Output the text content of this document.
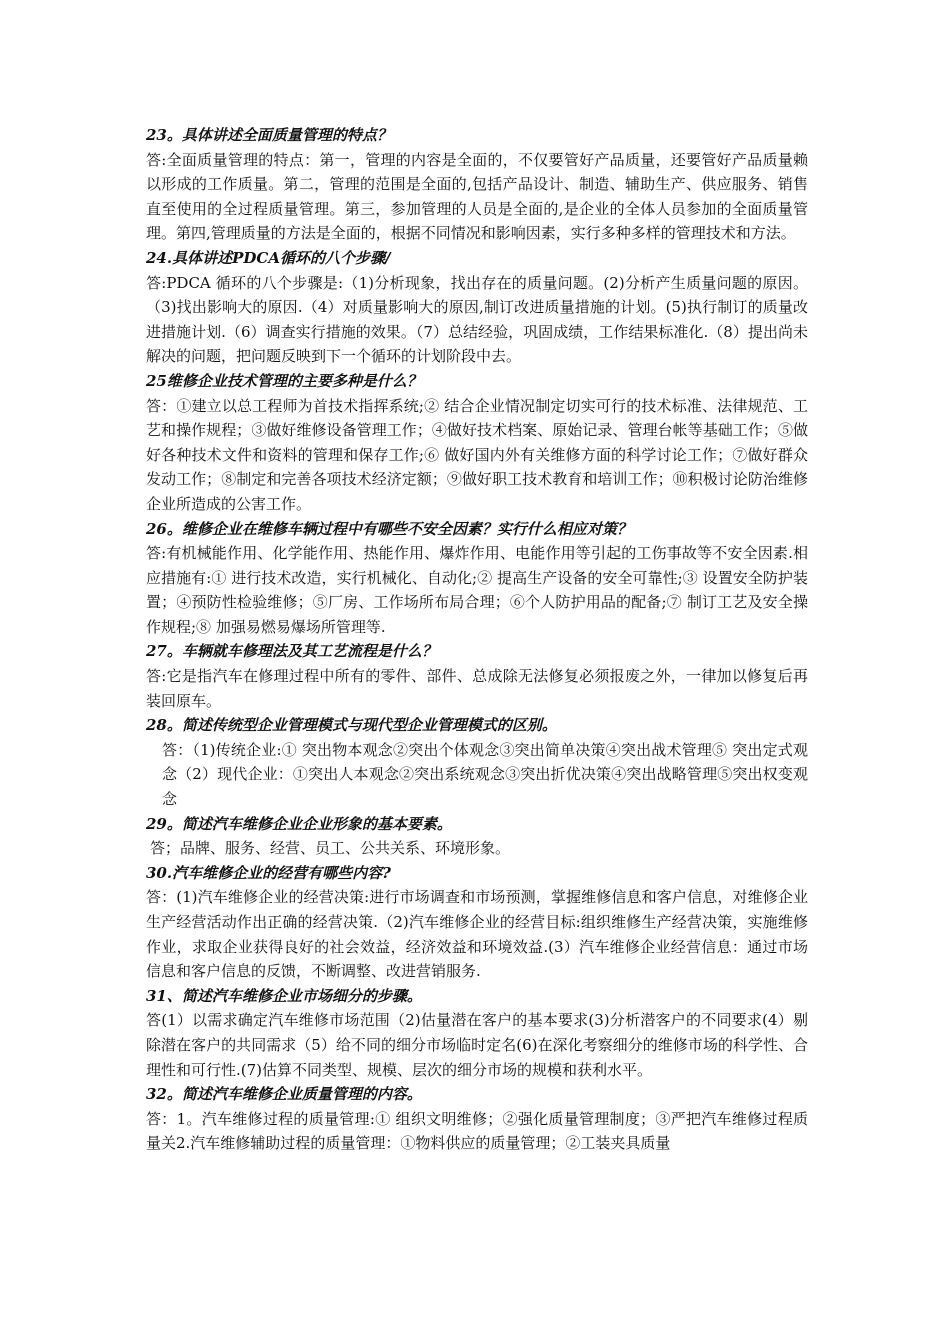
23。具体讲述全面质量管理的特点？

答:全面质量管理的特点：第一，管理的内容是全面的，不仅要管好产品质量，还要管好产品质量赖以形成的工作质量。第二，管理的范围是全面的,包括产品设计、制造、辅助生产、供应服务、销售直至使用的全过程质量管理。第三，参加管理的人员是全面的,是企业的全体人员参加的全面质量管理。第四,管理质量的方法是全面的，根据不同情况和影响因素，实行多种多样的管理技术和方法。

24.具体讲述PDCA循环的八个步骤/

答:PDCA 循环的八个步骤是:（1)分析现象，找出存在的质量问题。(2)分析产生质量问题的原因。（3)找出影响大的原因.（4）对质量影响大的原因,制订改进质量措施的计划。(5)执行制订的质量改进措施计划.（6）调查实行措施的效果。（7）总结经验，巩固成绩，工作结果标准化.（8）提出尚未解决的问题，把问题反映到下一个循环的计划阶段中去。

25维修企业技术管理的主要多种是什么？

答：①建立以总工程师为首技术指挥系统;② 结合企业情况制定切实可行的技术标准、法律规范、工艺和操作规程；③做好维修设备管理工作；④做好技术档案、原始记录、管理台帐等基础工作；⑤做好各种技术文件和资料的管理和保存工作;⑥ 做好国内外有关维修方面的科学讨论工作；⑦做好群众发动工作；⑧制定和完善各项技术经济定额；⑨做好职工技术教育和培训工作；⑩积极讨论防治维修企业所造成的公害工作。

26。维修企业在维修车辆过程中有哪些不安全因素？实行什么相应对策？

答:有机械能作用、化学能作用、热能作用、爆炸作用、电能作用等引起的工伤事故等不安全因素.相应措施有:① 进行技术改造，实行机械化、自动化;② 提高生产设备的安全可靠性;③ 设置安全防护装置；④预防性检验维修；⑤厂房、工作场所布局合理；⑥个人防护用品的配备;⑦ 制订工艺及安全操作规程;⑧ 加强易燃易爆场所管理等.

27。车辆就车修理法及其工艺流程是什么？

答:它是指汽车在修理过程中所有的零件、部件、总成除无法修复必须报废之外，一律加以修复后再装回原车。

28。简述传统型企业管理模式与现代型企业管理模式的区别。

答：（1)传统企业:① 突出物本观念②突出个体观念③突出简单决策④突出战术管理⑤ 突出定式观念（2）现代企业：①突出人本观念②突出系统观念③突出折优决策④突出战略管理⑤突出权变观念

29。简述汽车维修企业企业形象的基本要素。

答；品牌、服务、经营、员工、公共关系、环境形象。

30.汽车维修企业的经营有哪些内容?

答：(1)汽车维修企业的经营决策:进行市场调查和市场预测，掌握维修信息和客户信息，对维修企业生产经营活动作出正确的经营决策.（2)汽车维修企业的经营目标:组织维修生产经营决策，实施维修作业，求取企业获得良好的社会效益，经济效益和环境效益.(3）汽车维修企业经营信息：通过市场信息和客户信息的反馈，不断调整、改进营销服务.

31、简述汽车维修企业市场细分的步骤。

答(1）以需求确定汽车维修市场范围（2)估量潜在客户的基本要求(3)分析潜客户的不同要求(4）剔除潜在客户的共同需求（5）给不同的细分市场临时定名(6)在深化考察细分的维修市场的科学性、合理性和可行性.(7)估算不同类型、规模、层次的细分市场的规模和获利水平。

32。简述汽车维修企业质量管理的内容。

答：1。汽车维修过程的质量管理:① 组织文明维修；②强化质量管理制度；③严把汽车维修过程质量关2.汽车维修辅助过程的质量管理：①物料供应的质量管理；②工装夹具质量
